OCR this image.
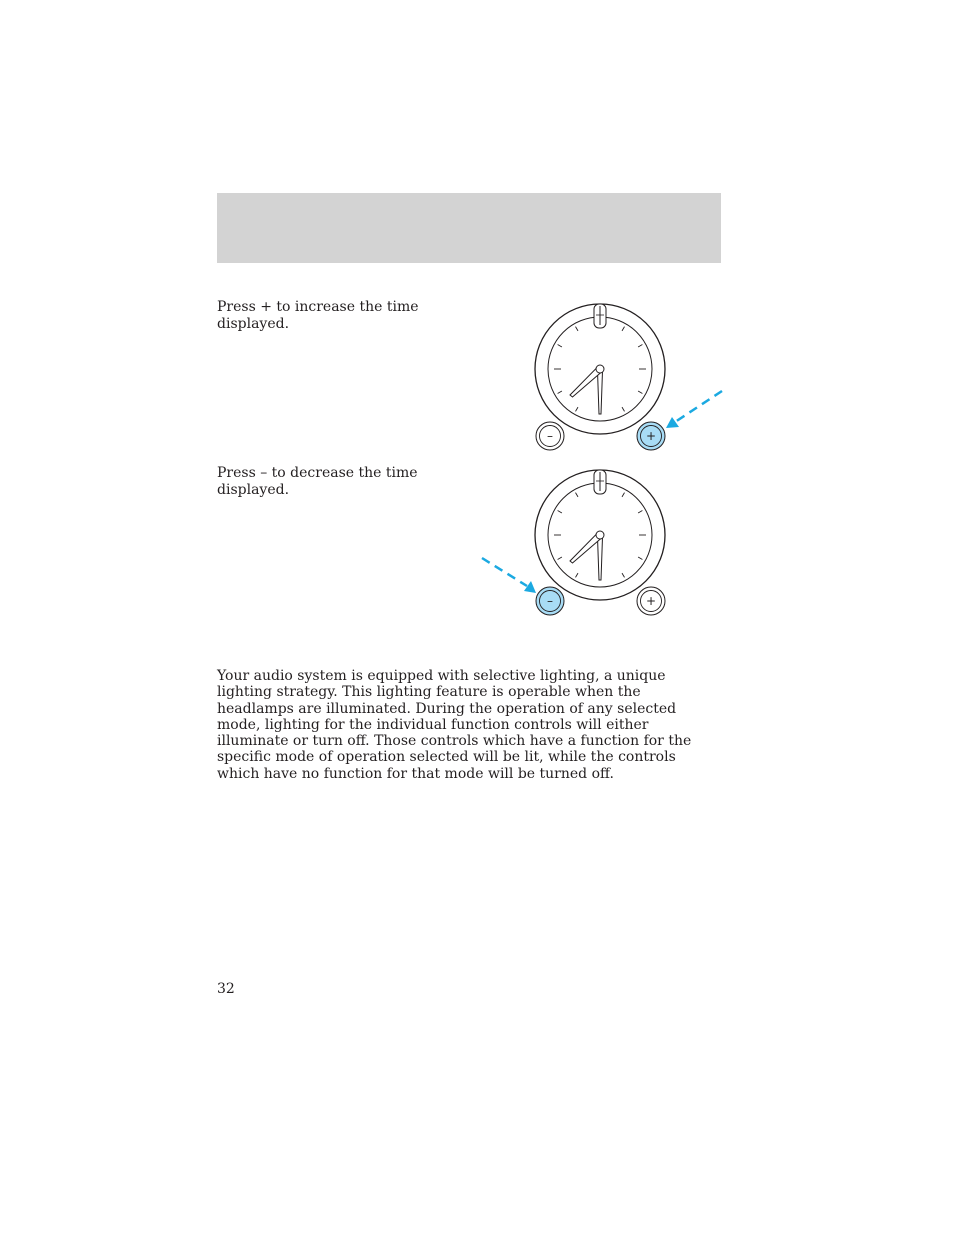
Press + to increase the time displayed.
–	+
Press – to decrease the time displayed.
–	+
Your audio system is equipped with selective lighting, a unique lighting strategy. This lighting feature is operable when the headlamps are illuminated. During the operation of any selected mode, lighting for the individual function controls will either illuminate or turn off. Those controls which have a function for the specific mode of operation selected will be lit, while the controls which have no function for that mode will be turned off.
32
